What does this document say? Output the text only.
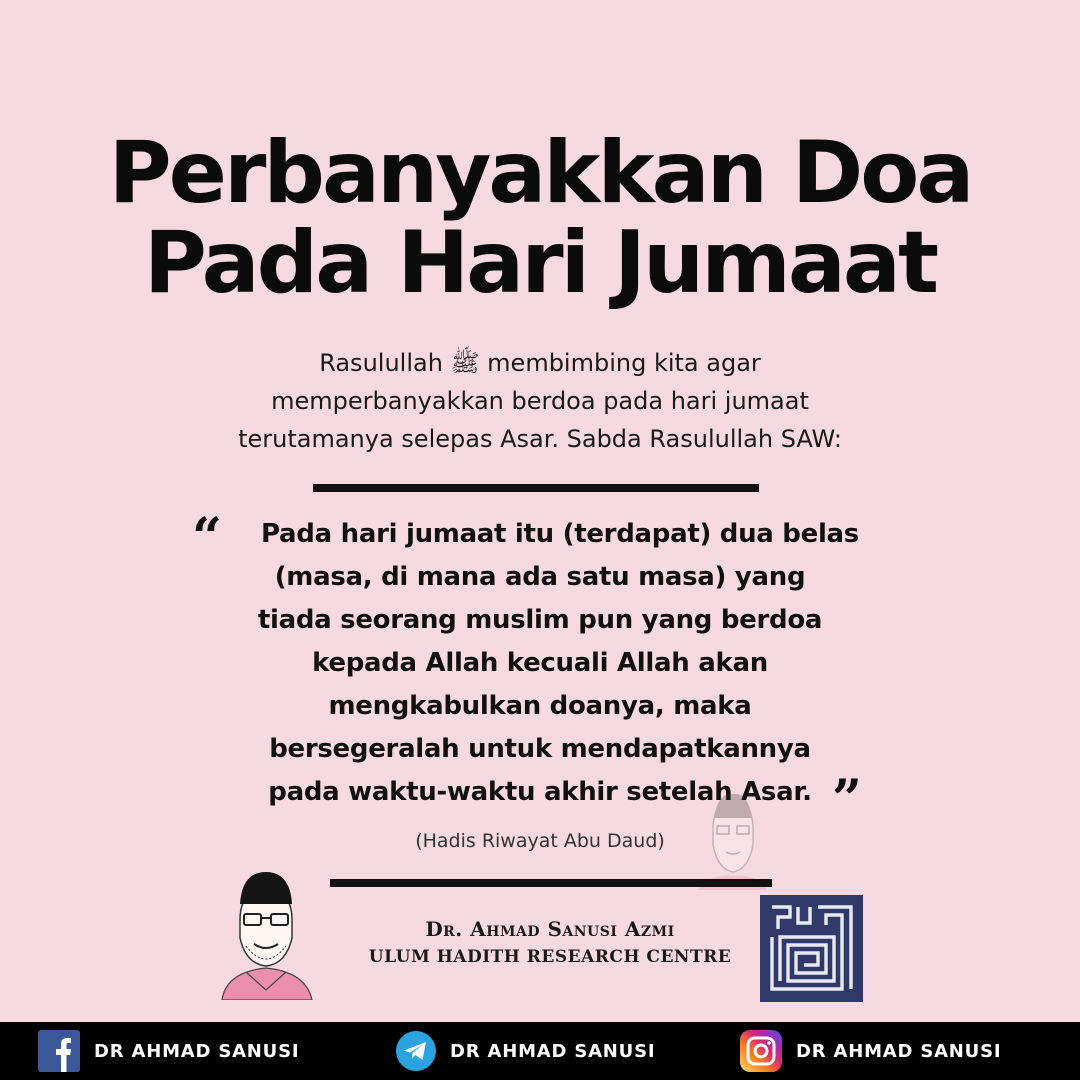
Perbanyakkan Doa
Pada Hari Jumaat
Rasulullah ﷺ membimbing kita agar
memperbanyakkan berdoa pada hari jumaat
terutamanya selepas Asar. Sabda Rasulullah SAW:
“	Pada hari jumaat itu (terdapat) dua belas
(masa, di mana ada satu masa) yang
tiada seorang muslim pun yang berdoa
kepada Allah kecuali Allah akan
mengkabulkan doanya, maka
bersegeralah untuk mendapatkannya
pada waktu-waktu akhir setelah Asar. ”
(Hadis Riwayat Abu Daud)
Dr. Ahmad Sanusi Azmi
ULUM HADITH RESEARCH CENTRE
DR AHMAD SANUSI	DR AHMAD SANUSI	DR AHMAD SANUSI
